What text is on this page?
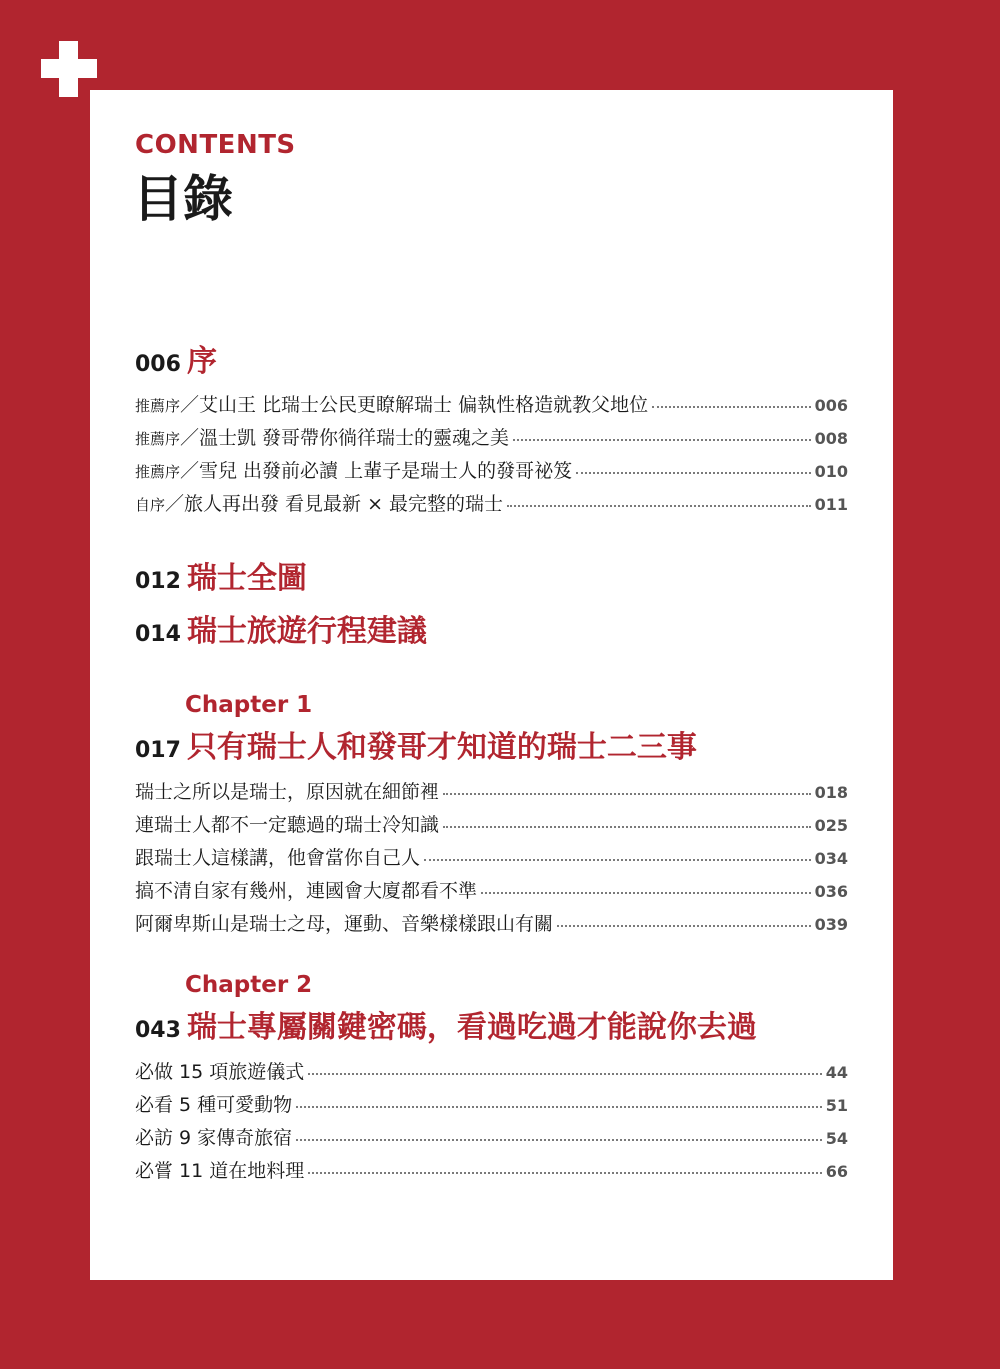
CONTENTS
目錄
006 序
推薦序 ／艾山王 比瑞士公民更瞭解瑞士 偏執性格造就教父地位	006
推薦序 ／溫士凱 發哥帶你徜徉瑞士的靈魂之美	008
推薦序 ／雪兒 出發前必讀 上輩子是瑞士人的發哥祕笈	010
自序 ／旅人再出發 看見最新 × 最完整的瑞士	011
012 瑞士全圖
014 瑞士旅遊行程建議
Chapter 1
017 只有瑞士人和發哥才知道的瑞士二三事
瑞士之所以是瑞士，原因就在細節裡	018
連瑞士人都不一定聽過的瑞士冷知識	025
跟瑞士人這樣講，他會當你自己人	034
搞不清自家有幾州，連國會大廈都看不準	036
阿爾卑斯山是瑞士之母，運動、音樂樣樣跟山有關	039
Chapter 2
043 瑞士專屬關鍵密碼，看過吃過才能說你去過
必做 15 項旅遊儀式	44
必看 5 種可愛動物	51
必訪 9 家傳奇旅宿	54
必嘗 11 道在地料理	66
